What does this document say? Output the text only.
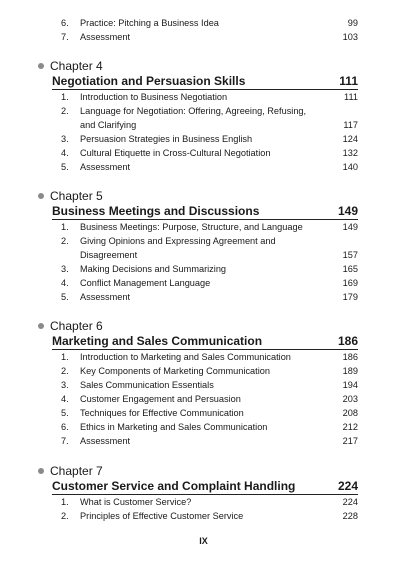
6.	Practice: Pitching a Business Idea	99
7.	Assessment	103
Chapter 4
Negotiation and Persuasion Skills	111
1.	Introduction to Business Negotiation	111
2.	Language for Negotiation: Offering, Agreeing, Refusing,
and Clarifying	117
3.	Persuasion Strategies in Business English	124
4.	Cultural Etiquette in Cross-Cultural Negotiation	132
5.	Assessment	140
Chapter 5
Business Meetings and Discussions	149
1.	Business Meetings: Purpose, Structure, and Language	149
2.	Giving Opinions and Expressing Agreement and
Disagreement	157
3.	Making Decisions and Summarizing	165
4.	Conflict Management Language	169
5.	Assessment	179
Chapter 6
Marketing and Sales Communication	186
1.	Introduction to Marketing and Sales Communication	186
2.	Key Components of Marketing Communication	189
3.	Sales Communication Essentials	194
4.	Customer Engagement and Persuasion	203
5.	Techniques for Effective Communication	208
6.	Ethics in Marketing and Sales Communication	212
7.	Assessment	217
Chapter 7
Customer Service and Complaint Handling	224
1.	What is Customer Service?	224
2.	Principles of Effective Customer Service	228
IX
